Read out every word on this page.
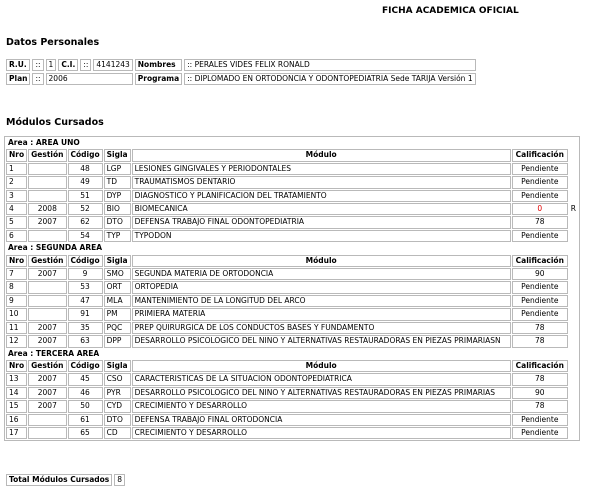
FICHA ACADEMICA OFICIAL
Datos Personales
R.U.	::	1	C.I.	::	4141243	Nombres	:: PERALES VIDES FELIX RONALD
Plan	::	2006				Programa	:: DIPLOMADO EN ORTODONCIA Y ODONTOPEDIATRIA Sede TARIJA Versión 1
Módulos Cursados
Area : AREA UNO						
Nro	Gestión	Código	Sigla	Módulo	Calificación	
1		48	LGP	LESIONES GINGIVALES Y PERIODONTALES	Pendiente	
2		49	TD	TRAUMATISMOS DENTARIO	Pendiente	
3		51	DYP	DIAGNOSTICO Y PLANIFICACION DEL TRATAMIENTO	Pendiente	
4	2008	52	BIO	BIOMECANICA	0	R
5	2007	62	DTO	DEFENSA TRABAJO FINAL ODONTOPEDIATRIA	78	
6		54	TYP	TYPODON	Pendiente	
Area : SEGUNDA AREA						
Nro	Gestión	Código	Sigla	Módulo	Calificación	
7	2007	9	SMO	SEGUNDA MATERIA DE ORTODONCIA	90	
8		53	ORT	ORTOPEDIA	Pendiente	
9		47	MLA	MANTENIMIENTO DE LA LONGITUD DEL ARCO	Pendiente	
10		91	PM	PRIMIERA MATERIA	Pendiente	
11	2007	35	PQC	PREP QUIRURGICA DE LOS CONDUCTOS BASES Y FUNDAMENTO	78	
12	2007	63	DPP	DESARROLLO PSICOLOGICO DEL NINO Y ALTERNATIVAS RESTAURADORAS EN PIEZAS PRIMARIASN	78	
Area : TERCERA AREA						
Nro	Gestión	Código	Sigla	Módulo	Calificación	
13	2007	45	CSO	CARACTERISTICAS DE LA SITUACION ODONTOPEDIATRICA	78	
14	2007	46	PYR	DESARROLLO PSICOLOGICO DEL NINO Y ALTERNATIVAS RESTAURADORAS EN PIEZAS PRIMARIAS	90	
15	2007	50	CYD	CRECIMIENTO Y DESARROLLO	78	
16		61	DTO	DEFENSA TRABAJO FINAL ORTODONCIA	Pendiente	
17		65	CD	CRECIMIENTO Y DESARROLLO	Pendiente	
Total Módulos Cursados	8
